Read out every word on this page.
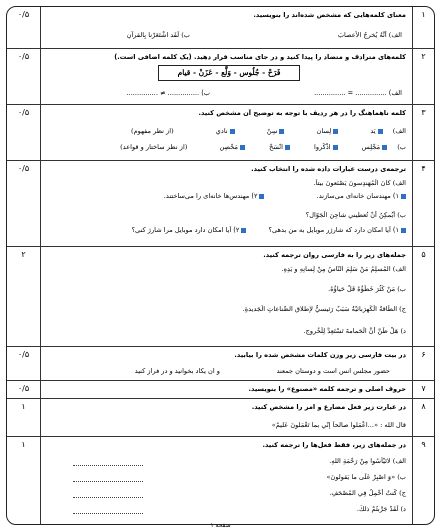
۱
۰/۵	معنای کلمه‌هایی که مشخص شده‌اند را بنویسید.
الف) أنَّهُ يُخرجُ الأعصابَ
ب) لَقَد اشْتَعَرْنا بِالقرآنِ
۲
۰/۵	کلمه‌های مترادف و متضاد را پیدا کنید و در جای مناسب قرار دهید. (یک کلمه اضافی است.)
فَرَحْ - جُلُوس - وَلَّع - عَزَنْ - قيام
الف) ............... = ...............
ب) ............... ≠ ...............
۳
۰/۵	کلمه ناهماهنگ را در هر ردیف با توجه به توضیح آن مشخص کنید.
الف) يَد لِسان سِنّ نادي (از نظر مفهوم)
ب) مَجْلِس اذْكُروا انْسَحْ مَحْصِن (از نظر ساختار و قواعد)
۴
۰/۵	ترجمه‌ی درست عبارات داده شده را انتخاب کنید.
الف) كانَ الْمُهَندِسونَ يَصْنَعونَ بيتاً.
۱) مهندسان خانه‌ای می‌سازند. ۲) مهندس‌ها خانه‌ای را می‌ساختند.
ب) أَيُمكِنُ أَنْ تُعطيني شاحِنَ الْجَوّال؟
۱) آیا امکان دارد که شارژر موبایل به من بدهی؟ ۲) آیا امکان دارد موبایل مرا شارژ کنی؟
۵
۲	جمله‌های زیر را به فارسی روان ترجمه کنید.
الف) المُسلِمُ مَنْ سَلِمَ النّاسُ مِنْ لِسانِهِ و يَدِهِ.
ب) مَنْ كَثُرَ خَطَؤُهُ قَلَّ حَياؤُهُ.
ج) الطّاقةُ الْكَهرَبائيّةُ سَبَبٌ رَئيسيٌّ لإطلاقِ الصِّناعاتِ الْجَديدةِ.
د) هَلْ ظَنَّ أَنَّ الْحَمامةَ تَسْتَعِدُّ لِلْخُروجِ.
۶
۰/۵	در بیت فارسی زیر وزن کلمات مشخص شده را بیابید.
حضور مجلس انس است و دوستان جمعند
و ان یکاد بخوانید و در فراز کنید
۷
۰/۵	حروف اصلی و ترجمه کلمه «مصنوع» را بنویسید.
۸
۱	در عبارت زیر فعل مضارع و امر را مشخص کنید.
قال الله : «...اعْمَلوا صالحاً إنّي بما تَعْمَلونَ عَليمٌ»
۹
۱	در جمله‌های زیر، فقط فعل‌ها را ترجمه کنید.
الف) لاتَيْأَسُوا مِنْ رَحْمَةِ اللهِ.
ب) «وَ اصْبِرْ عَلَى ما يَقولونَ»
ج) كُنتُ أَحْمِلُ فِي المُصْحَفِ.
د) لَقَدْ جَرَّبتُمْ ذلكَ.
صفحه ۱
